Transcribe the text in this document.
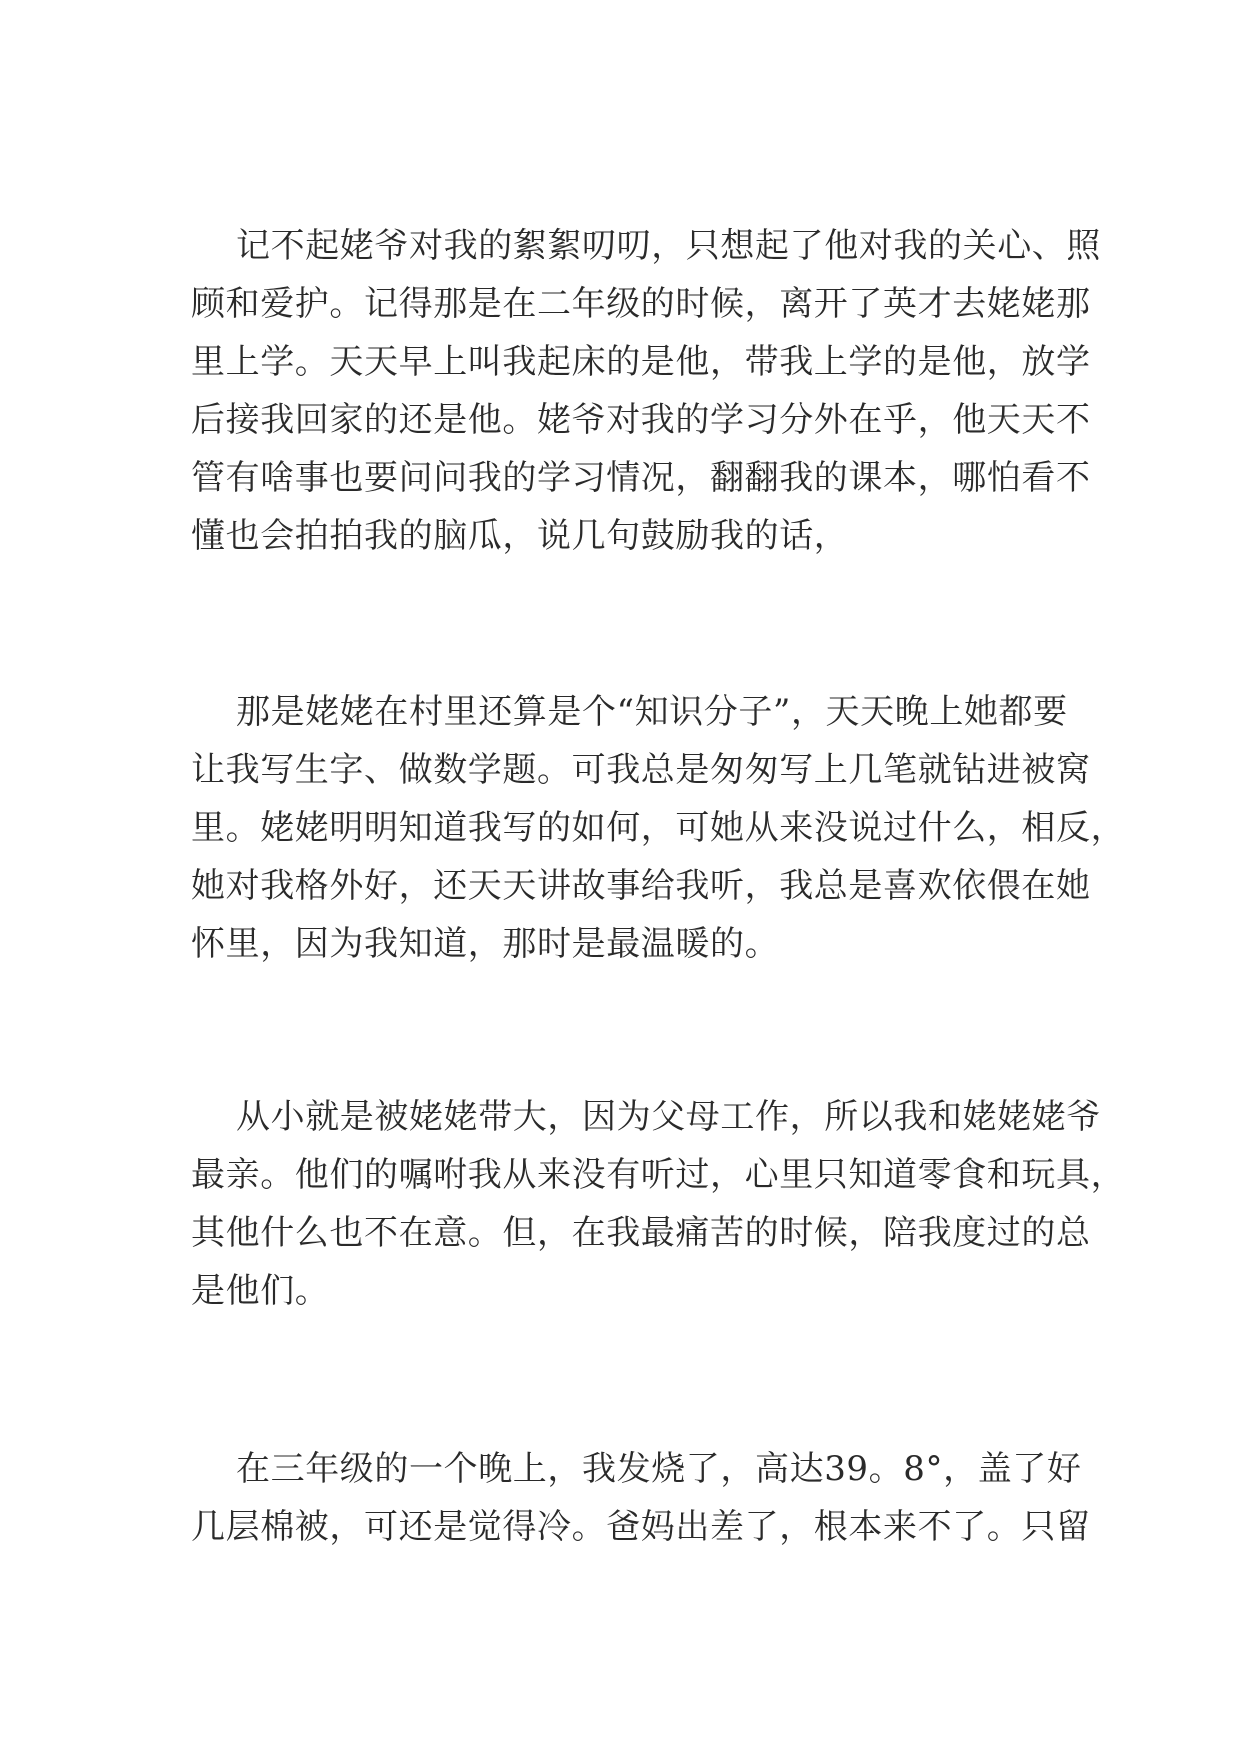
记不起姥爷对我的絮絮叨叨，只想起了他对我的关心、照
顾和爱护。记得那是在二年级的时候，离开了英才去姥姥那
里上学。天天早上叫我起床的是他，带我上学的是他，放学
后接我回家的还是他。姥爷对我的学习分外在乎，他天天不
管有啥事也要问问我的学习情况，翻翻我的课本，哪怕看不
懂也会拍拍我的脑瓜，说几句鼓励我的话，
那是姥姥在村里还算是个“知识分子”，天天晚上她都要
让我写生字、做数学题。可我总是匆匆写上几笔就钻进被窝
里。姥姥明明知道我写的如何，可她从来没说过什么，相反，
她对我格外好，还天天讲故事给我听，我总是喜欢依偎在她
怀里，因为我知道，那时是最温暖的。
从小就是被姥姥带大，因为父母工作，所以我和姥姥姥爷
最亲。他们的嘱咐我从来没有听过，心里只知道零食和玩具，
其他什么也不在意。但，在我最痛苦的时候，陪我度过的总
是他们。
在三年级的一个晚上，我发烧了，高达39。8°，盖了好
几层棉被，可还是觉得冷。爸妈出差了，根本来不了。只留
